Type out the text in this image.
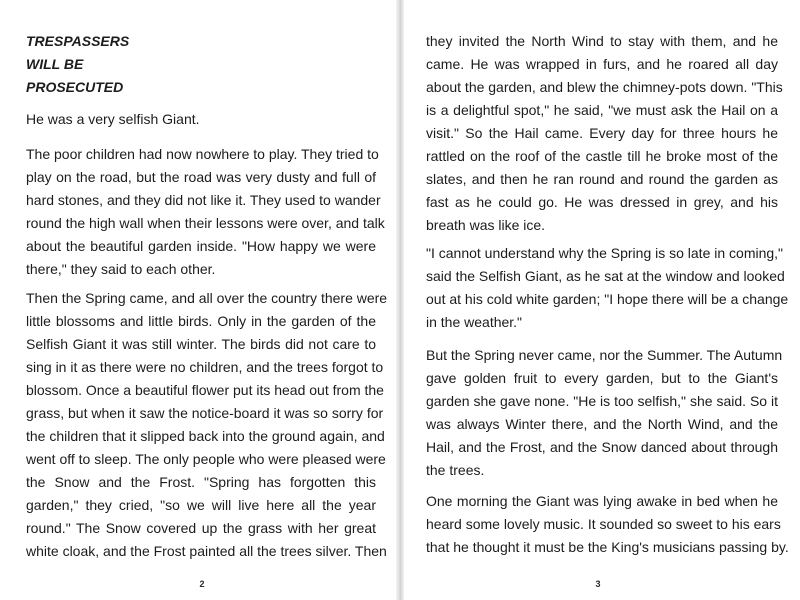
TRESPASSERS
WILL BE
PROSECUTED
He was a very selfish Giant.
The poor children had now nowhere to play. They tried to
play on the road, but the road was very dusty and full of
hard stones, and they did not like it. They used to wander
round the high wall when their lessons were over, and talk
about the beautiful garden inside. "How happy we were
there," they said to each other.
Then the Spring came, and all over the country there were
little blossoms and little birds. Only in the garden of the
Selfish Giant it was still winter. The birds did not care to
sing in it as there were no children, and the trees forgot to
blossom. Once a beautiful flower put its head out from the
grass, but when it saw the notice-board it was so sorry for
the children that it slipped back into the ground again, and
went off to sleep. The only people who were pleased were
the Snow and the Frost. "Spring has forgotten this
garden," they cried, "so we will live here all the year
round." The Snow covered up the grass with her great
white cloak, and the Frost painted all the trees silver. Then
2
they invited the North Wind to stay with them, and he
came. He was wrapped in furs, and he roared all day
about the garden, and blew the chimney-pots down. "This
is a delightful spot," he said, "we must ask the Hail on a
visit." So the Hail came. Every day for three hours he
rattled on the roof of the castle till he broke most of the
slates, and then he ran round and round the garden as
fast as he could go. He was dressed in grey, and his
breath was like ice.
"I cannot understand why the Spring is so late in coming,"
said the Selfish Giant, as he sat at the window and looked
out at his cold white garden; "I hope there will be a change
in the weather."
But the Spring never came, nor the Summer. The Autumn
gave golden fruit to every garden, but to the Giant's
garden she gave none. "He is too selfish," she said. So it
was always Winter there, and the North Wind, and the
Hail, and the Frost, and the Snow danced about through
the trees.
One morning the Giant was lying awake in bed when he
heard some lovely music. It sounded so sweet to his ears
that he thought it must be the King's musicians passing by.
3
